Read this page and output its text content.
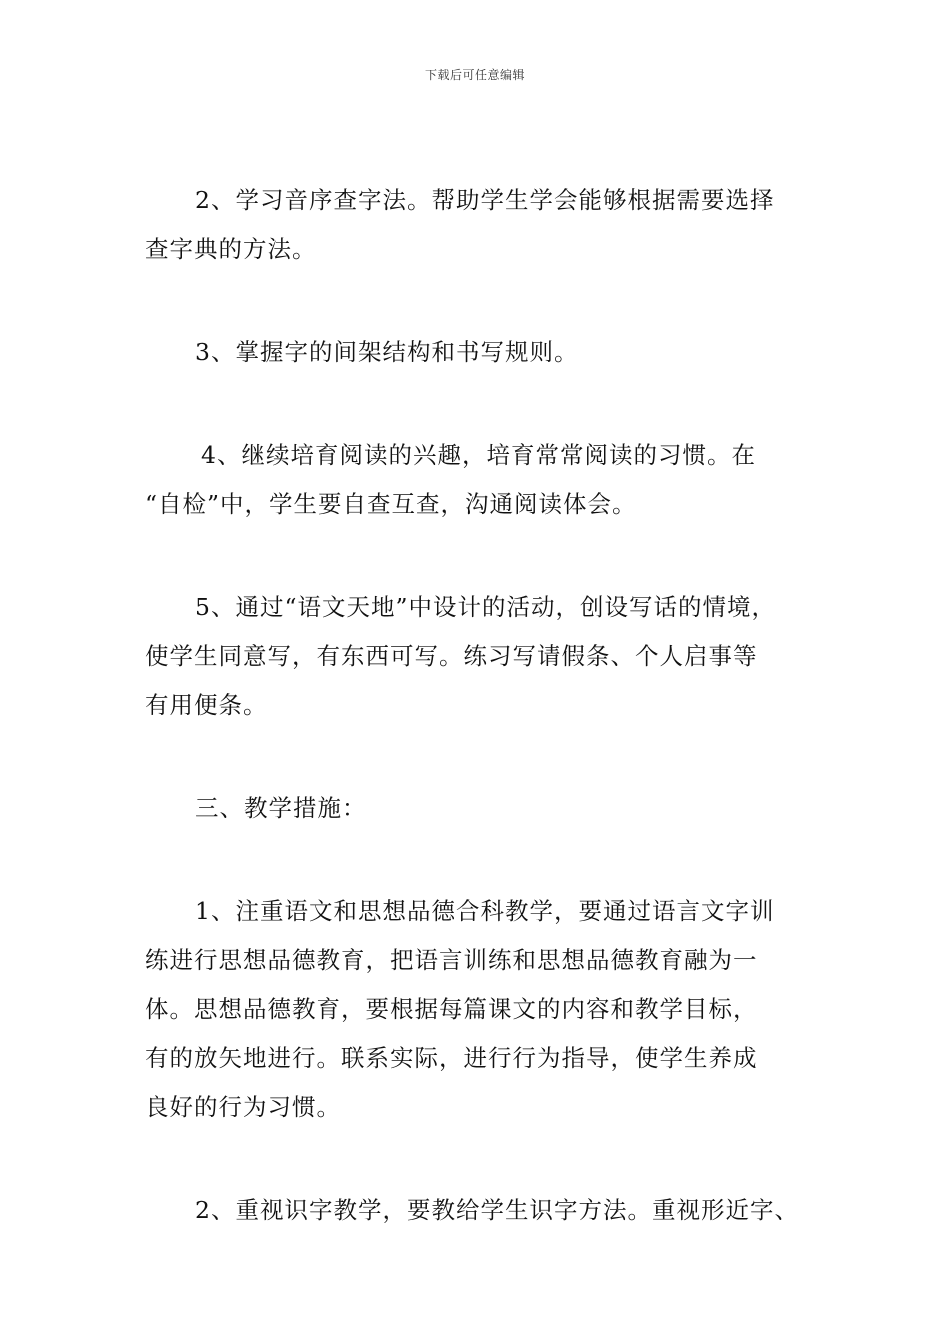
下载后可任意编辑
2、学习音序查字法。帮助学生学会能够根据需要选择
查字典的方法。
3、掌握字的间架结构和书写规则。
4、继续培育阅读的兴趣，培育常常阅读的习惯。在
“自检”中，学生要自查互查，沟通阅读体会。
5、通过“语文天地”中设计的活动，创设写话的情境，
使学生同意写，有东西可写。练习写请假条、个人启事等
有用便条。
三、教学措施：
1、注重语文和思想品德合科教学，要通过语言文字训
练进行思想品德教育，把语言训练和思想品德教育融为一
体。思想品德教育，要根据每篇课文的内容和教学目标，
有的放矢地进行。联系实际，进行行为指导，使学生养成
良好的行为习惯。
2、重视识字教学，要教给学生识字方法。重视形近字、
